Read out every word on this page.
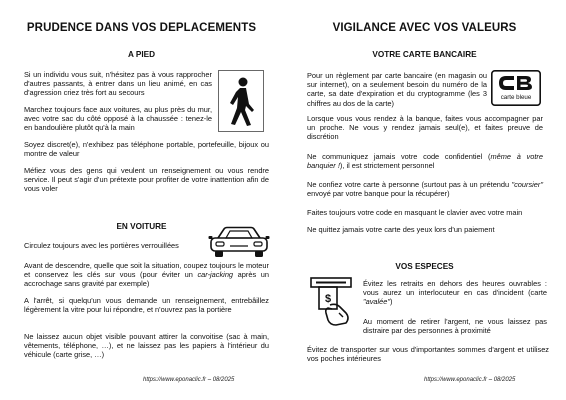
PRUDENCE DANS VOS DEPLACEMENTS
A PIED
Si un individu vous suit, n'hésitez pas à vous rapprocher d'autres passants, à entrer dans un lieu animé, en cas d'agression criez très fort au secours
Marchez toujours face aux voitures, au plus près du mur, avec votre sac du côté opposé à la chaussée : tenez-le en bandoulière plutôt qu'à la main
Soyez discret(e), n'exhibez pas téléphone portable, portefeuille, bijoux ou montre de valeur
Méfiez vous des gens qui veulent un renseignement ou vous rendre service. Il peut s'agir d'un prétexte pour profiter de votre inattention afin de vous voler
EN VOITURE
Circulez toujours avec les portières verrouillées
Avant de descendre, quelle que soit la situation, coupez toujours le moteur et conservez les clés sur vous (pour éviter un car-jacking après un accrochage sans gravité par exemple)
A l'arrêt, si quelqu'un vous demande un renseignement, entrebâillez légèrement la vitre pour lui répondre, et n'ouvrez pas la portière
Ne laissez aucun objet visible pouvant attirer la convoitise (sac à main, vêtements, téléphone, …), et ne laissez pas les papiers à l'intérieur du véhicule (carte grise, …)
https://www.eponaclic.fr – 08/2025
VIGILANCE AVEC VOS VALEURS
VOTRE CARTE BANCAIRE
carte bleue
Pour un règlement par carte bancaire (en magasin ou sur internet), on a seulement besoin du numéro de la carte, sa date d'expiration et du cryptogramme (les 3 chiffres au dos de la carte)
Lorsque vous vous rendez à la banque, faites vous accompagner par un proche. Ne vous y rendez jamais seul(e), et faites preuve de discrétion
Ne communiquez jamais votre code confidentiel (même à votre banquier !), il est strictement personnel
Ne confiez votre carte à personne (surtout pas à un prétendu "coursier" envoyé par votre banque pour la récupérer)
Faites toujours votre code en masquant le clavier avec votre main
Ne quittez jamais votre carte des yeux lors d'un paiement
VOS ESPECES
$
Évitez les retraits en dehors des heures ouvrables : vous aurez un interlocuteur en cas d'incident (carte "avalée")
Au moment de retirer l'argent, ne vous laissez pas distraire par des personnes à proximité
Évitez de transporter sur vous d'importantes sommes d'argent et utilisez vos poches intérieures
https://www.eponaclic.fr – 08/2025
